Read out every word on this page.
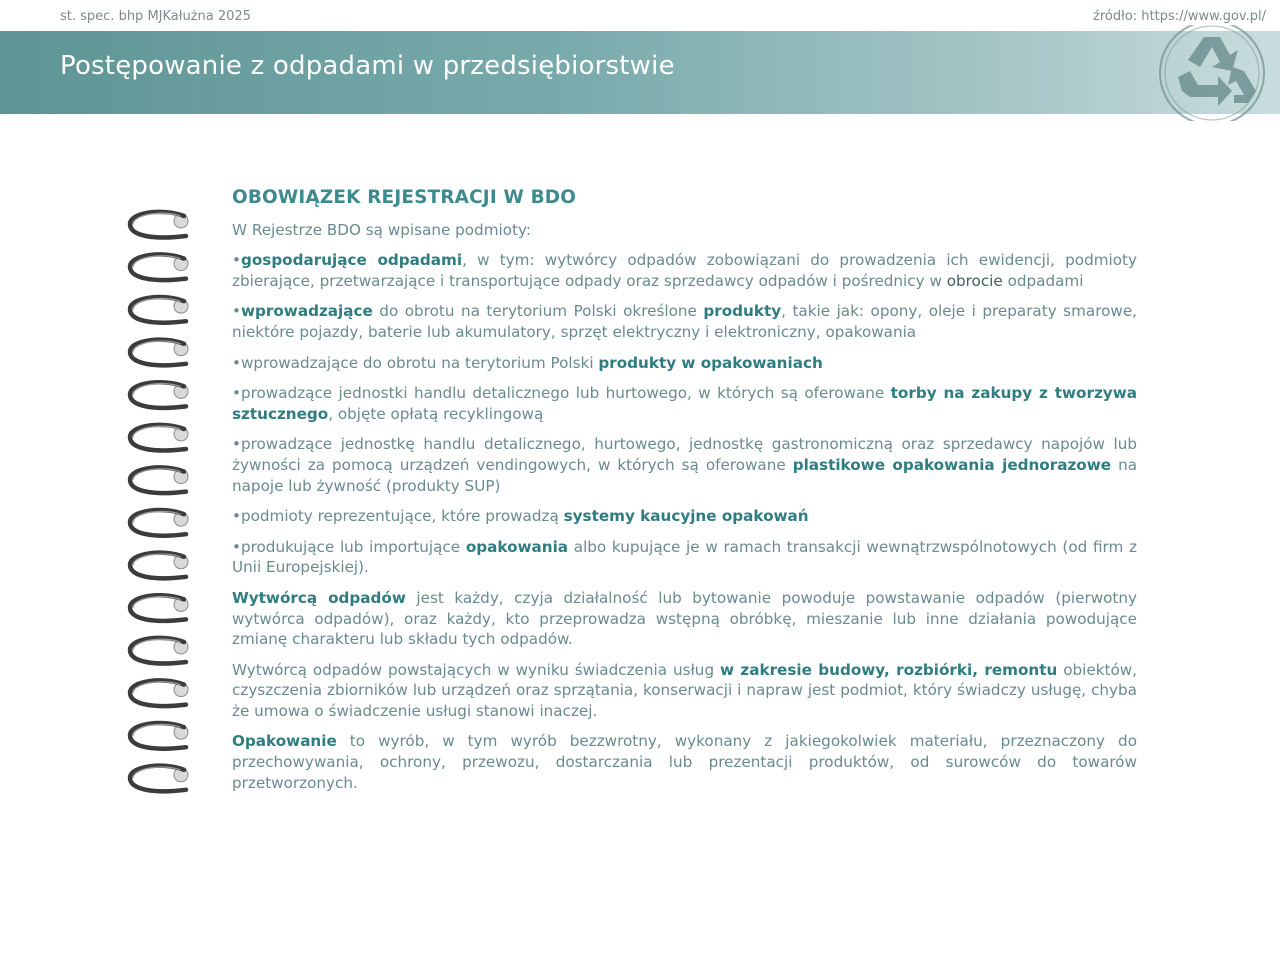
st. spec. bhp MJKałużna 2025	źródło: https://www.gov.pl/
Postępowanie z odpadami w przedsiębiorstwie
OBOWIĄZEK REJESTRACJI W BDO
W Rejestrze BDO są wpisane podmioty:
•gospodarujące odpadami, w tym: wytwórcy odpadów zobowiązani do prowadzenia ich ewidencji, podmioty zbierające, przetwarzające i transportujące odpady oraz sprzedawcy odpadów i pośrednicy w obrocie odpadami
•wprowadzające do obrotu na terytorium Polski określone produkty, takie jak: opony, oleje i preparaty smarowe, niektóre pojazdy, baterie lub akumulatory, sprzęt elektryczny i elektroniczny, opakowania
•wprowadzające do obrotu na terytorium Polski produkty w opakowaniach
•prowadzące jednostki handlu detalicznego lub hurtowego, w których są oferowane torby na zakupy z tworzywa sztucznego, objęte opłatą recyklingową
•prowadzące jednostkę handlu detalicznego, hurtowego, jednostkę gastronomiczną oraz sprzedawcy napojów lub żywności za pomocą urządzeń vendingowych, w których są oferowane plastikowe opakowania jednorazowe na napoje lub żywność (produkty SUP)
•podmioty reprezentujące, które prowadzą systemy kaucyjne opakowań
•produkujące lub importujące opakowania albo kupujące je w ramach transakcji wewnątrzwspólnotowych (od firm z Unii Europejskiej).
Wytwórcą odpadów jest każdy, czyja działalność lub bytowanie powoduje powstawanie odpadów (pierwotny wytwórca odpadów), oraz każdy, kto przeprowadza wstępną obróbkę, mieszanie lub inne działania powodujące zmianę charakteru lub składu tych odpadów.
Wytwórcą odpadów powstających w wyniku świadczenia usług w zakresie budowy, rozbiórki, remontu obiektów, czyszczenia zbiorników lub urządzeń oraz sprzątania, konserwacji i napraw jest podmiot, który świadczy usługę, chyba że umowa o świadczenie usługi stanowi inaczej.
Opakowanie to wyrób, w tym wyrób bezzwrotny, wykonany z jakiegokolwiek materiału, przeznaczony do przechowywania, ochrony, przewozu, dostarczania lub prezentacji produktów, od surowców do towarów przetworzonych.
